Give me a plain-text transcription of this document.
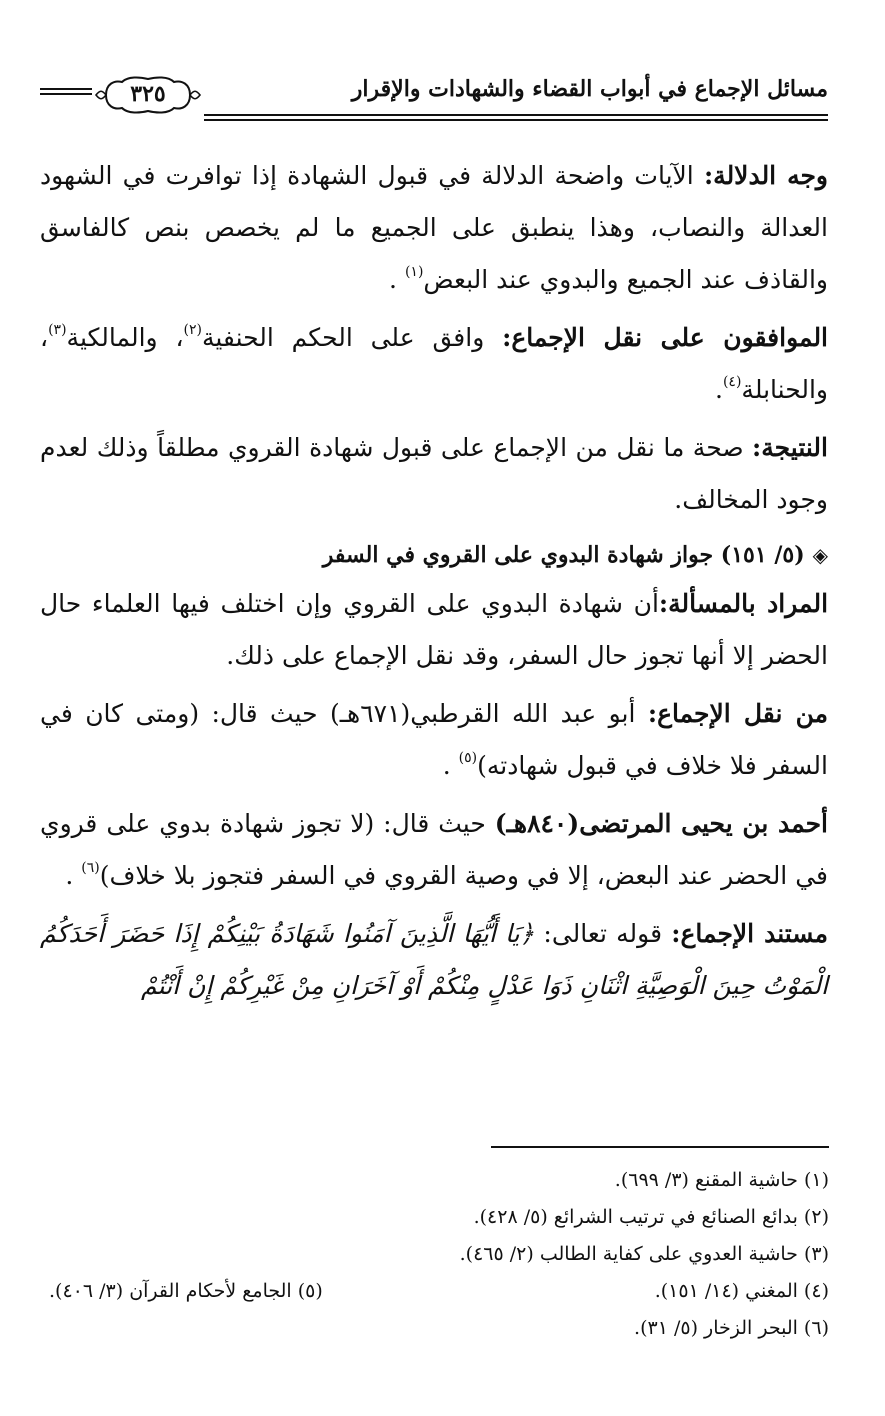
مسائل الإجماع في أبواب القضاء والشهادات والإقرار
٣٢٥

وجه الدلالة: الآيات واضحة الدلالة في قبول الشهادة إذا توافرت في الشهود العدالة والنصاب، وهذا ينطبق على الجميع ما لم يخصص بنص كالفاسق والقاذف عند الجميع والبدوي عند البعض$^{(١)}$ .

الموافقون على نقل الإجماع: وافق على الحكم الحنفية$^{(٢)}$، والمالكية$^{(٣)}$، والحنابلة$^{(٤)}$.

النتيجة: صحة ما نقل من الإجماع على قبول شهادة القروي مطلقاً وذلك لعدم وجود المخالف.

◈(٥/ ١٥١) جواز شهادة البدوي على القروي في السفر

المراد بالمسألة:أن شهادة البدوي على القروي وإن اختلف فيها العلماء حال الحضر إلا أنها تجوز حال السفر، وقد نقل الإجماع على ذلك.

من نقل الإجماع: أبو عبد الله القرطبي(٦٧١هـ) حيث قال: (ومتى كان في السفر فلا خلاف في قبول شهادته)$^{(٥)}$ .

أحمد بن يحيى المرتضى(٨٤٠هـ) حيث قال: (لا تجوز شهادة بدوي على قروي في الحضر عند البعض، إلا في وصية القروي في السفر فتجوز بلا خلاف)$^{(٦)}$ .

مستند الإجماع: قوله تعالى: ﴿يَا أَيُّهَا الَّذِينَ آمَنُوا شَهَادَةُ بَيْنِكُمْ إِذَا حَضَرَ أَحَدَكُمُ الْمَوْتُ حِينَ الْوَصِيَّةِ اثْنَانِ ذَوَا عَدْلٍ مِنْكُمْ أَوْ آخَرَانِ مِنْ غَيْرِكُمْ إِنْ أَنْتُمْ

(١) حاشية المقنع (٣/ ٦٩٩).
(٢) بدائع الصنائع في ترتيب الشرائع (٥/ ٤٢٨).
(٣) حاشية العدوي على كفاية الطالب (٢/ ٤٦٥).
(٤) المغني (١٤/ ١٥١).
(٥) الجامع لأحكام القرآن (٣/ ٤٠٦).
(٦) البحر الزخار (٥/ ٣١).
